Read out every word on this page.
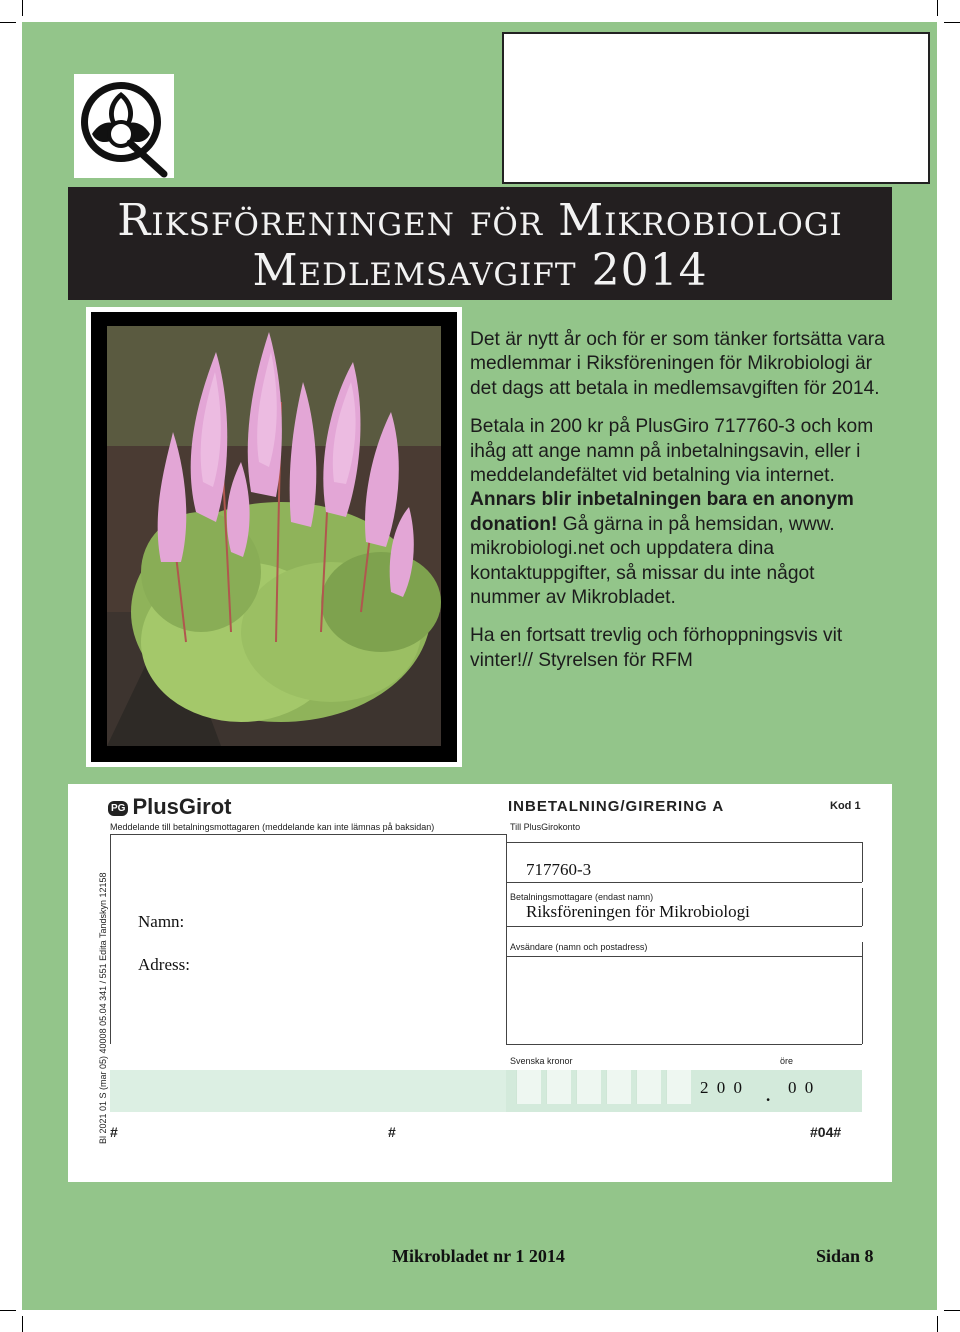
Riksföreningen för Mikrobiologi
Medlemsavgift 2014

Det är nytt år och för er som tänker fortsätta vara medlemmar i Riksföreningen för Mikrobiologi är det dags att betala in medlemsavgiften för 2014.

Betala in 200 kr på PlusGiro 717760-3 och kom ihåg att ange namn på inbetalningsavin, eller i meddelandefältet vid betalning via internet. Annars blir inbetalningen bara en anonym donation! Gå gärna in på hemsidan, www. mikrobiologi.net och uppdatera dina kontaktuppgifter, så missar du inte något nummer av Mikrobladet.

Ha en fortsatt trevlig och förhoppningsvis vit vinter!// Styrelsen för RFM

PG PlusGirot	INBETALNING/GIRERING A	Kod 1
Meddelande till betalningsmottagaren (meddelande kan inte lämnas på baksidan)
Namn:
Adress:
Till PlusGirokonto
717760-3
Betalningsmottagare (endast namn)
Riksföreningen för Mikrobiologi
Avsändare (namn och postadress)
Bl 2021 01 S (mar 05) 40008 05.04 341 / 551 Edita Tandskyn 12158	Svenska kronor	öre
2 0 0 . 0 0
#	#	#04#
Mikrobladet nr 1 2014	Sidan 8
